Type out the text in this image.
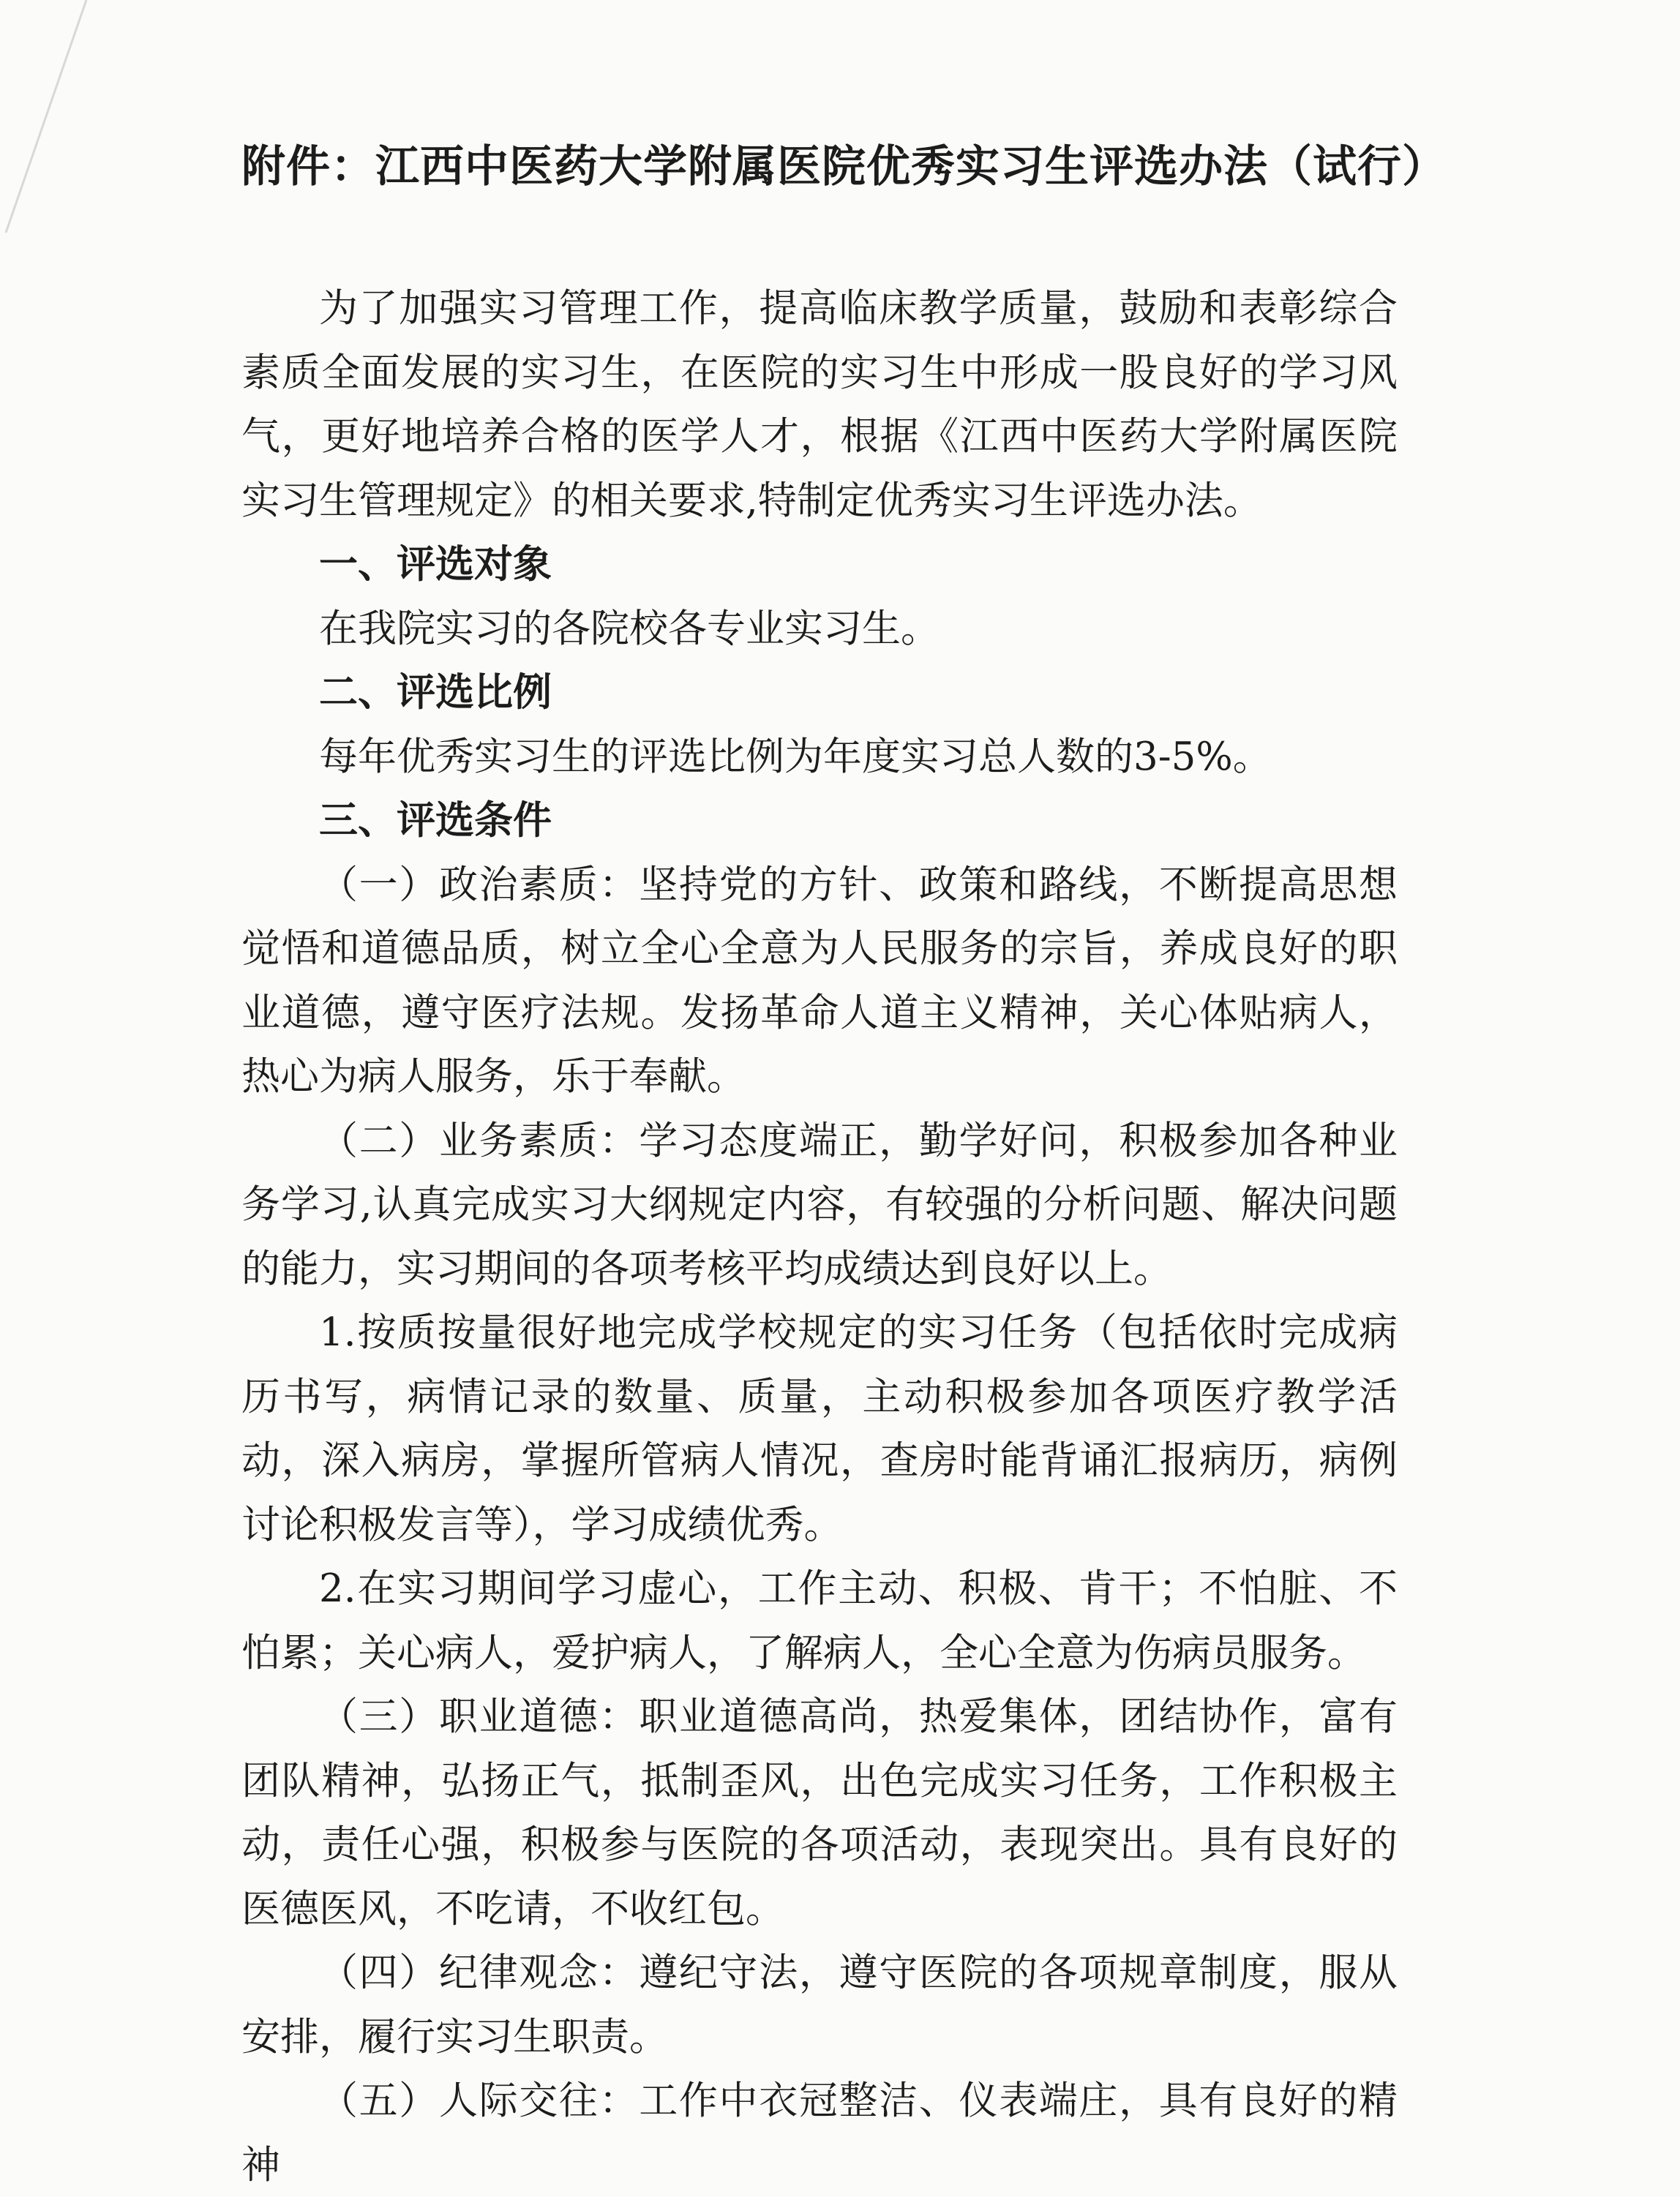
附件：江西中医药大学附属医院优秀实习生评选办法（试行）

为了加强实习管理工作，提高临床教学质量，鼓励和表彰综合素质全面发展的实习生，在医院的实习生中形成一股良好的学习风气，更好地培养合格的医学人才，根据《江西中医药大学附属医院实习生管理规定》的相关要求,特制定优秀实习生评选办法。

一、评选对象

在我院实习的各院校各专业实习生。

二、评选比例

每年优秀实习生的评选比例为年度实习总人数的3-5%。

三、评选条件

（一）政治素质：坚持党的方针、政策和路线，不断提高思想觉悟和道德品质，树立全心全意为人民服务的宗旨，养成良好的职业道德，遵守医疗法规。发扬革命人道主义精神，关心体贴病人，热心为病人服务，乐于奉献。

（二）业务素质：学习态度端正，勤学好问，积极参加各种业务学习,认真完成实习大纲规定内容，有较强的分析问题、解决问题的能力，实习期间的各项考核平均成绩达到良好以上。

1.按质按量很好地完成学校规定的实习任务（包括依时完成病历书写，病情记录的数量、质量，主动积极参加各项医疗教学活动，深入病房，掌握所管病人情况，查房时能背诵汇报病历，病例讨论积极发言等），学习成绩优秀。

2.在实习期间学习虚心，工作主动、积极、肯干；不怕脏、不怕累；关心病人，爱护病人，了解病人，全心全意为伤病员服务。

（三）职业道德：职业道德高尚，热爱集体，团结协作，富有团队精神，弘扬正气，抵制歪风，出色完成实习任务，工作积极主动，责任心强，积极参与医院的各项活动，表现突出。具有良好的医德医风，不吃请，不收红包。

（四）纪律观念：遵纪守法，遵守医院的各项规章制度，服从安排，履行实习生职责。

（五）人际交往：工作中衣冠整洁、仪表端庄，具有良好的精神
